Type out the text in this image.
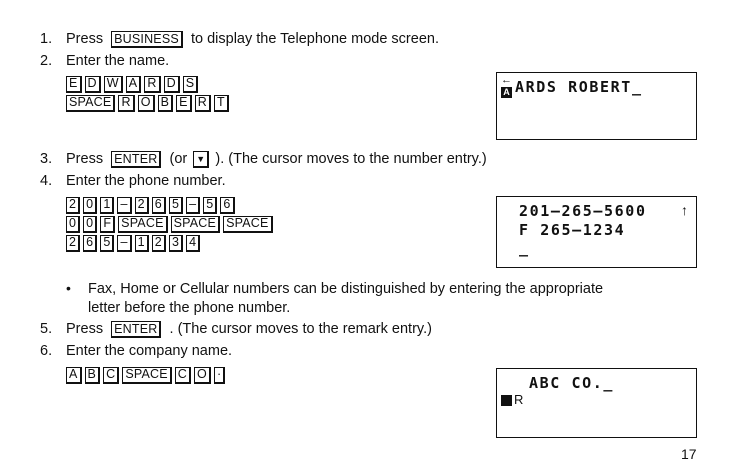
1. Press BUSINESS to display the Telephone mode screen.
2. Enter the name.
E D W A R D S
SPACE R O B E R T
←
A ARDS ROBERT_
3. Press ENTER (or ▼ ). (The cursor moves to the number entry.)
4. Enter the phone number.
2 0 1 – 2 6 5 – 5 6
0 0 F SPACE SPACE SPACE
2 6 5 – 1 2 3 4
201–265–5600 ↑
F 265–1234
_
• Fax, Home or Cellular numbers can be distinguished by entering the appropriate
letter before the phone number.
5. Press ENTER . (The cursor moves to the remark entry.)
6. Enter the company name.
A B C SPACE C O ·
R
ABC CO._
17
